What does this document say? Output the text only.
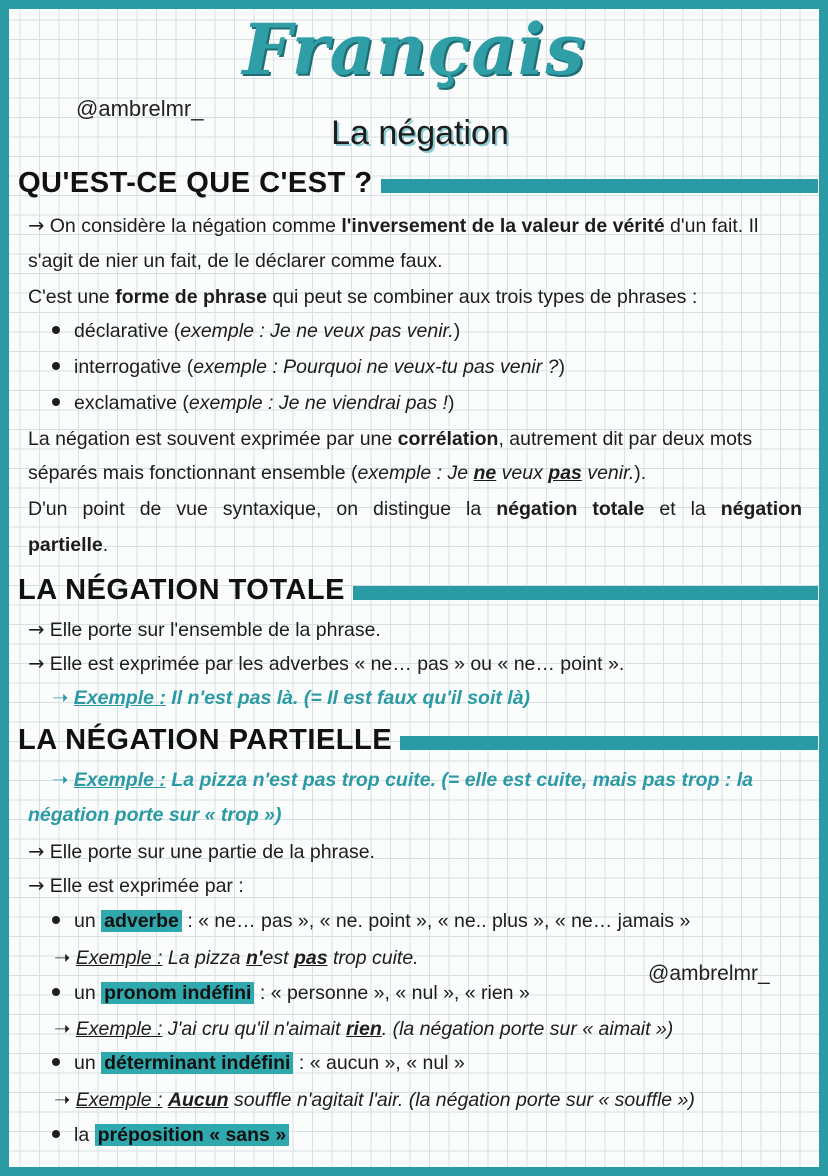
Français
@ambrelmr_
La négation
QU'EST-CE QUE C'EST ?
→ On considère la négation comme l'inversement de la valeur de vérité d'un fait. Il
s'agit de nier un fait, de le déclarer comme faux.
C'est une forme de phrase qui peut se combiner aux trois types de phrases :
déclarative (exemple : Je ne veux pas venir.)
interrogative (exemple : Pourquoi ne veux-tu pas venir ?)
exclamative (exemple : Je ne viendrai pas !)
La négation est souvent exprimée par une corrélation, autrement dit par deux mots
séparés mais fonctionnant ensemble (exemple : Je ne veux pas venir.).
D'un point de vue syntaxique, on distingue la négation totale et la négation
partielle.
LA NÉGATION TOTALE
→ Elle porte sur l'ensemble de la phrase.
→ Elle est exprimée par les adverbes « ne… pas » ou « ne… point ».
➝ Exemple : Il n'est pas là. (= Il est faux qu'il soit là)
LA NÉGATION PARTIELLE
➝ Exemple : La pizza n'est pas trop cuite. (= elle est cuite, mais pas trop : la
négation porte sur « trop »)
→ Elle porte sur une partie de la phrase.
→ Elle est exprimée par :
un adverbe : « ne… pas », « ne. point », « ne.. plus », « ne… jamais »
➝ Exemple : La pizza n'est pas trop cuite.
@ambrelmr_
un pronom indéfini : « personne », « nul », « rien »
➝ Exemple : J'ai cru qu'il n'aimait rien. (la négation porte sur « aimait »)
un déterminant indéfini : « aucun », « nul »
➝ Exemple : Aucun souffle n'agitait l'air. (la négation porte sur « souffle »)
la préposition « sans »
